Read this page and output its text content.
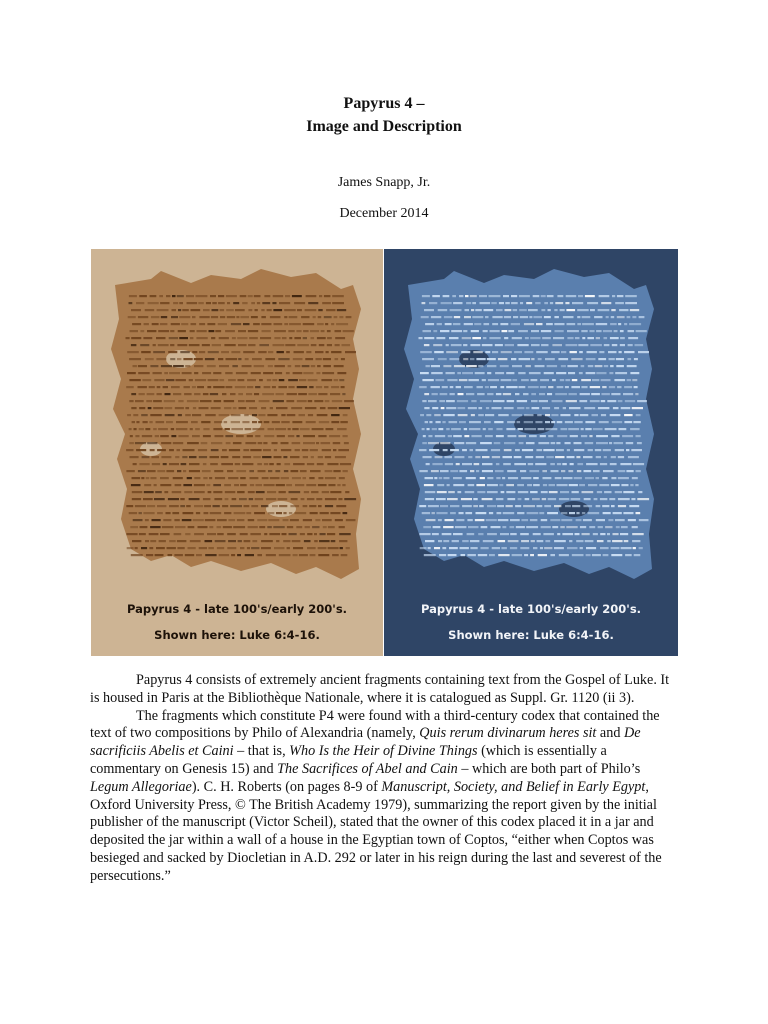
Papyrus 4 –
Image and Description
James Snapp, Jr.
December 2014
Papyrus 4 - late 100's/early 200's.
Shown here: Luke 6:4-16.
Papyrus 4 - late 100's/early 200's.
Shown here: Luke 6:4-16.

Papyrus 4 consists of extremely ancient fragments containing text from the Gospel of Luke. It is housed in Paris at the Bibliothèque Nationale, where it is catalogued as Suppl. Gr. 1120 (ii 3).

The fragments which constitute P4 were found with a third-century codex that contained the text of two compositions by Philo of Alexandria (namely, Quis rerum divinarum heres sit and De sacrificiis Abelis et Caini – that is, Who Is the Heir of Divine Things (which is essentially a commentary on Genesis 15) and The Sacrifices of Abel and Cain – which are both part of Philo’s Legum Allegoriae). C. H. Roberts (on pages 8-9 of Manuscript, Society, and Belief in Early Egypt, Oxford University Press, © The British Academy 1979), summarizing the report given by the initial publisher of the manuscript (Victor Scheil), stated that the owner of this codex placed it in a jar and deposited the jar within a wall of a house in the Egyptian town of Coptos, “either when Coptos was besieged and sacked by Diocletian in A.D. 292 or later in his reign during the last and severest of the persecutions.”
